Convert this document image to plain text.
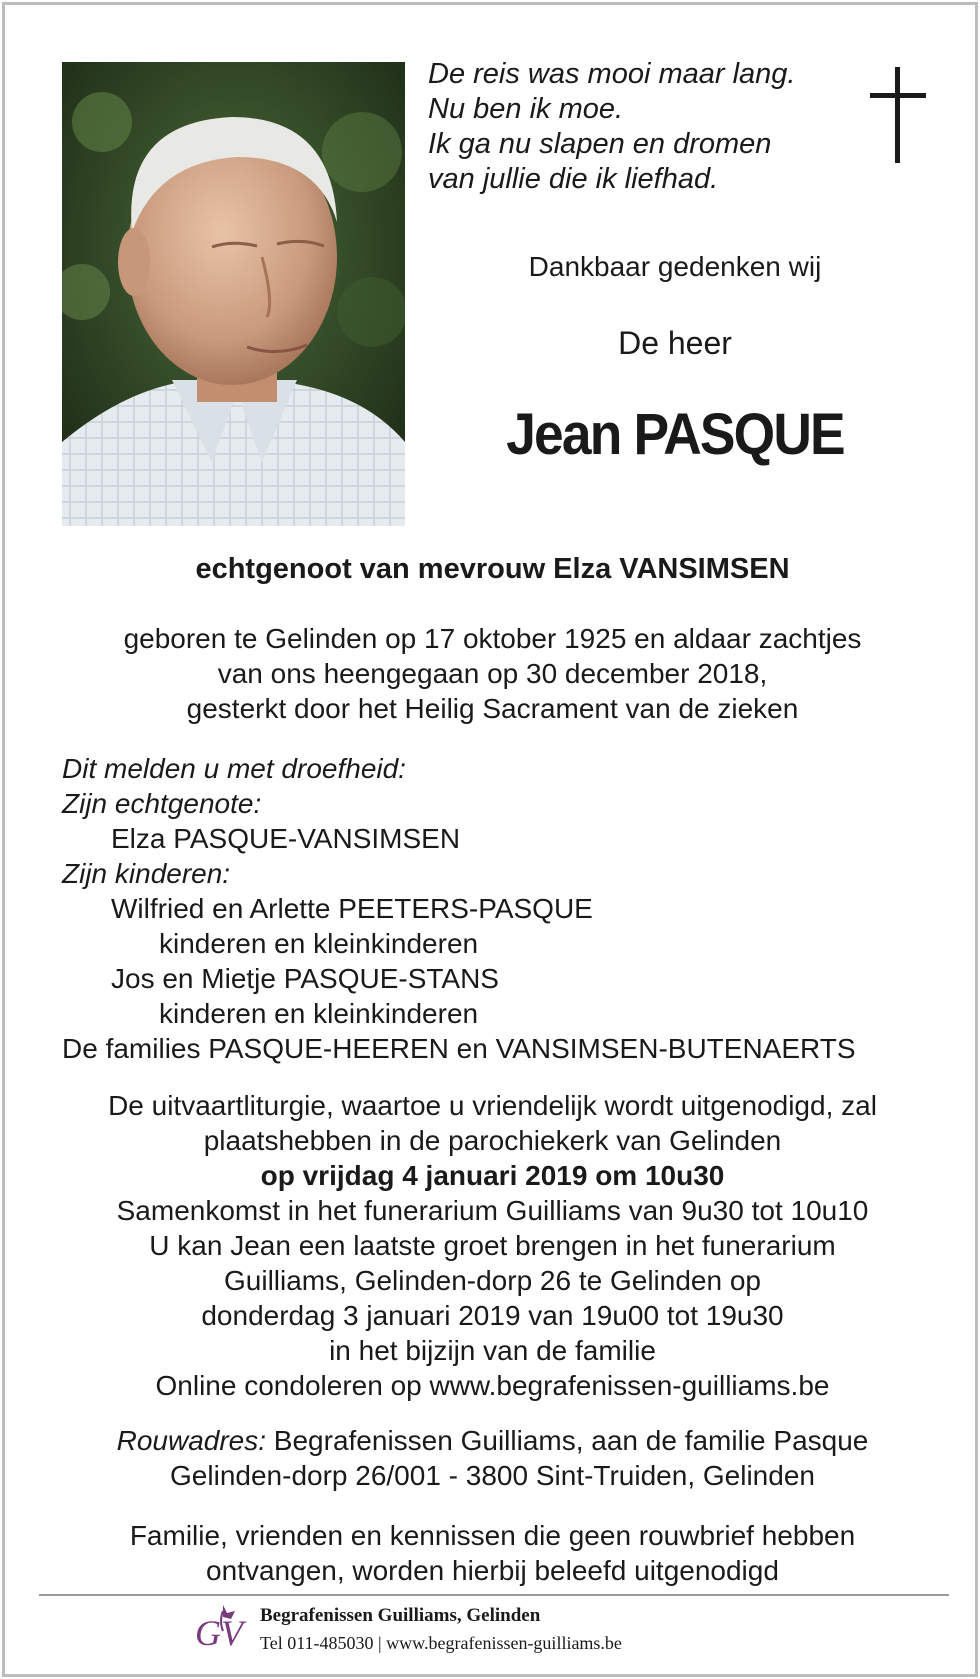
De reis was mooi maar lang.
Nu ben ik moe.
Ik ga nu slapen en dromen
van jullie die ik liefhad.
Dankbaar gedenken wij
De heer
Jean PASQUE
echtgenoot van mevrouw Elza VANSIMSEN
geboren te Gelinden op 17 oktober 1925 en aldaar zachtjes
van ons heengegaan op 30 december 2018,
gesterkt door het Heilig Sacrament van de zieken
Dit melden u met droefheid:
Zijn echtgenote:
Elza PASQUE-VANSIMSEN
Zijn kinderen:
Wilfried en Arlette PEETERS-PASQUE
kinderen en kleinkinderen
Jos en Mietje PASQUE-STANS
kinderen en kleinkinderen
De families PASQUE-HEEREN en VANSIMSEN-BUTENAERTS
De uitvaartliturgie, waartoe u vriendelijk wordt uitgenodigd, zal
plaatshebben in de parochiekerk van Gelinden
op vrijdag 4 januari 2019 om 10u30
Samenkomst in het funerarium Guilliams van 9u30 tot 10u10
U kan Jean een laatste groet brengen in het funerarium
Guilliams, Gelinden-dorp 26 te Gelinden op
donderdag 3 januari 2019 van 19u00 tot 19u30
in het bijzijn van de familie
Online condoleren op www.begrafenissen-guilliams.be
Rouwadres: Begrafenissen Guilliams, aan de familie Pasque
Gelinden-dorp 26/001 - 3800 Sint-Truiden, Gelinden
Familie, vrienden en kennissen die geen rouwbrief hebben
ontvangen, worden hierbij beleefd uitgenodigd
GV Begrafenissen Guilliams, Gelinden
Tel 011-485030 | www.begrafenissen-guilliams.be
